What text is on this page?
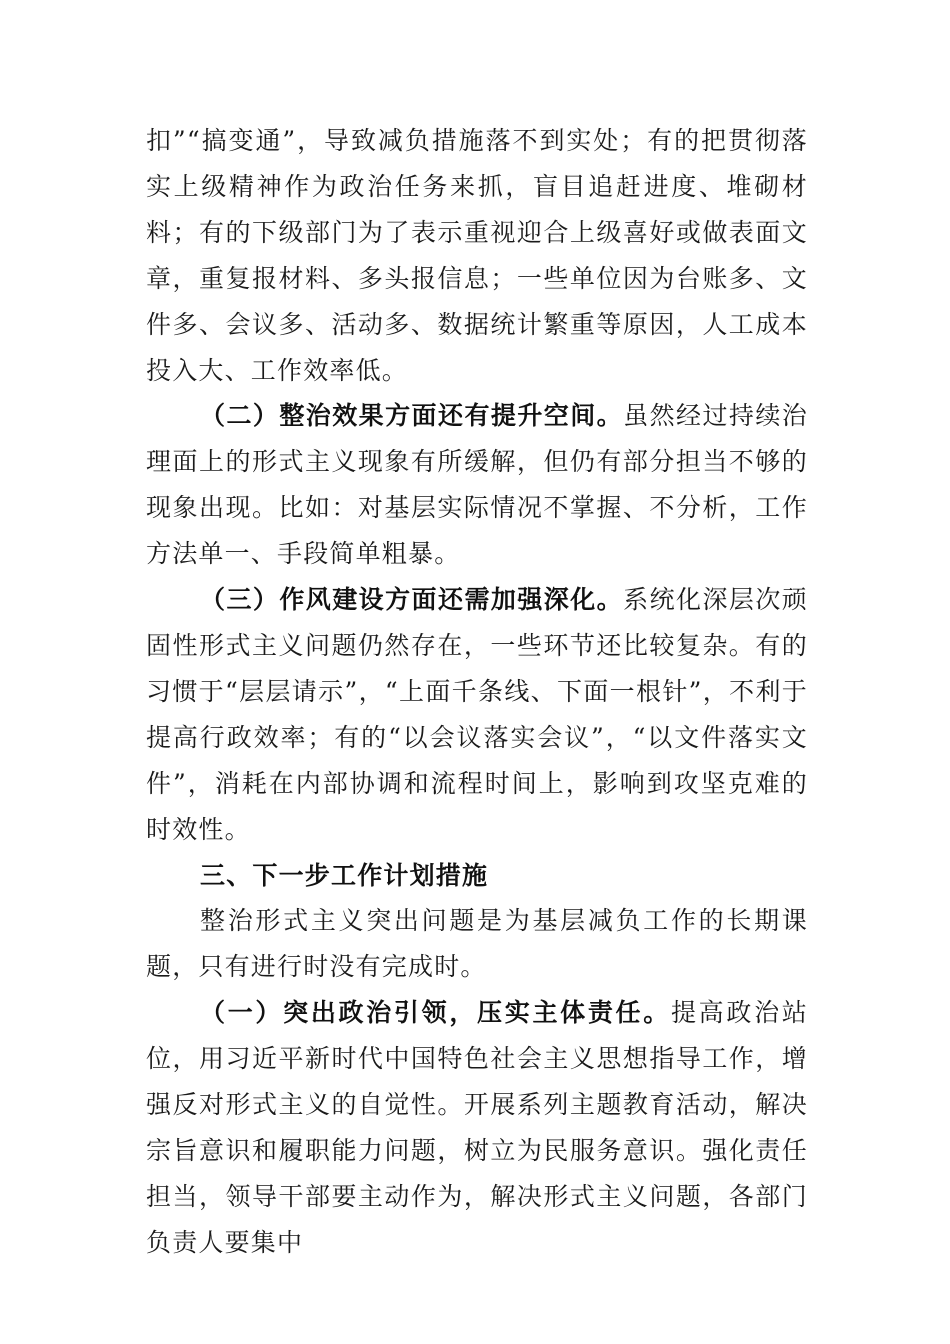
扣”“搞变通”，导致减负措施落不到实处；有的把贯彻落实上级精神作为政治任务来抓，盲目追赶进度、堆砌材料；有的下级部门为了表示重视迎合上级喜好或做表面文章，重复报材料、多头报信息；一些单位因为台账多、文件多、会议多、活动多、数据统计繁重等原因，人工成本投入大、工作效率低。

（二）整治效果方面还有提升空间。虽然经过持续治理面上的形式主义现象有所缓解，但仍有部分担当不够的现象出现。比如：对基层实际情况不掌握、不分析，工作方法单一、手段简单粗暴。

（三）作风建设方面还需加强深化。系统化深层次顽固性形式主义问题仍然存在，一些环节还比较复杂。有的习惯于“层层请示”，“上面千条线、下面一根针”，不利于提高行政效率；有的“以会议落实会议”，“以文件落实文件”，消耗在内部协调和流程时间上，影响到攻坚克难的时效性。

三、下一步工作计划措施

整治形式主义突出问题是为基层减负工作的长期课题，只有进行时没有完成时。

（一）突出政治引领，压实主体责任。提高政治站位，用习近平新时代中国特色社会主义思想指导工作，增强反对形式主义的自觉性。开展系列主题教育活动，解决宗旨意识和履职能力问题，树立为民服务意识。强化责任担当，领导干部要主动作为，解决形式主义问题，各部门负责人要集中
